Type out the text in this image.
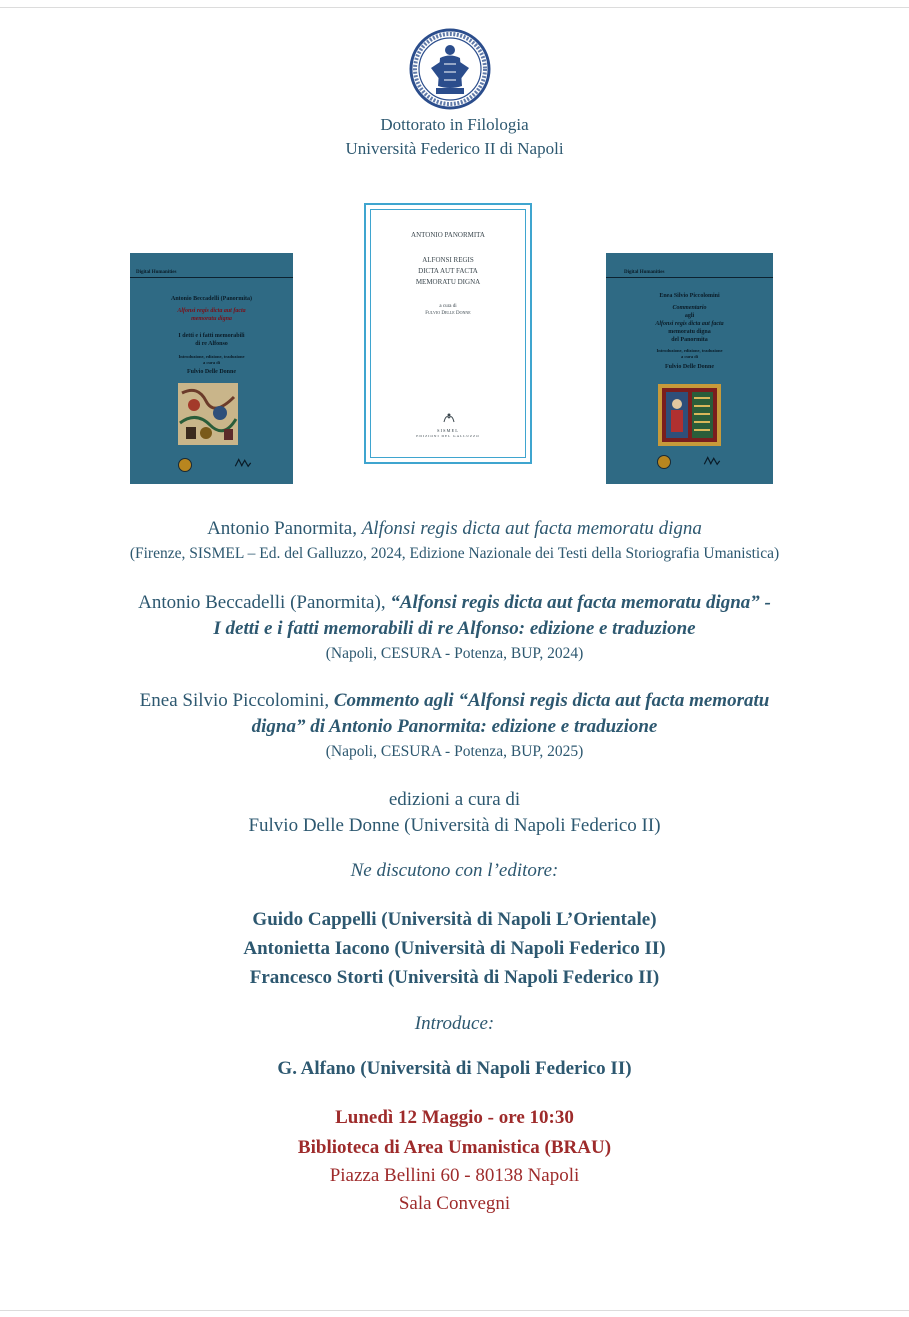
Dottorato in Filologia
Università Federico II di Napoli
Digital Humanities
Antonio Beccadelli (Panormita)
Alfonsi regis dicta aut facta
memoratu digna
I detti e i fatti memorabili
di re Alfonso
Introduzione, edizione, traduzione
a cura di
Fulvio Delle Donne
ANTONIO PANORMITA
ALFONSI REGIS
DICTA AUT FACTA
MEMORATU DIGNA
a cura di
Fulvio Delle Donne
SISMEL
EDIZIONI DEL GALLUZZO
Digital Humanities
Enea Silvio Piccolomini
Commentario
agli
Alfonsi regis dicta aut facta
memoratu digna
del Panormita
Introduzione, edizione, traduzione
a cura di
Fulvio Delle Donne
Antonio Panormita, Alfonsi regis dicta aut facta memoratu digna
(Firenze, SISMEL – Ed. del Galluzzo, 2024, Edizione Nazionale dei Testi della Storiografia Umanistica)
Antonio Beccadelli (Panormita), “Alfonsi regis dicta aut facta memoratu digna” -
I detti e i fatti memorabili di re Alfonso: edizione e traduzione
(Napoli, CESURA - Potenza, BUP, 2024)
Enea Silvio Piccolomini, Commento agli “Alfonsi regis dicta aut facta memoratu
digna” di Antonio Panormita: edizione e traduzione
(Napoli, CESURA - Potenza, BUP, 2025)
edizioni a cura di
Fulvio Delle Donne (Università di Napoli Federico II)
Ne discutono con l’editore:
Guido Cappelli (Università di Napoli L’Orientale)
Antonietta Iacono (Università di Napoli Federico II)
Francesco Storti (Università di Napoli Federico II)
Introduce:
G. Alfano (Università di Napoli Federico II)
Lunedì 12 Maggio - ore 10:30
Biblioteca di Area Umanistica (BRAU)
Piazza Bellini 60 - 80138 Napoli
Sala Convegni
